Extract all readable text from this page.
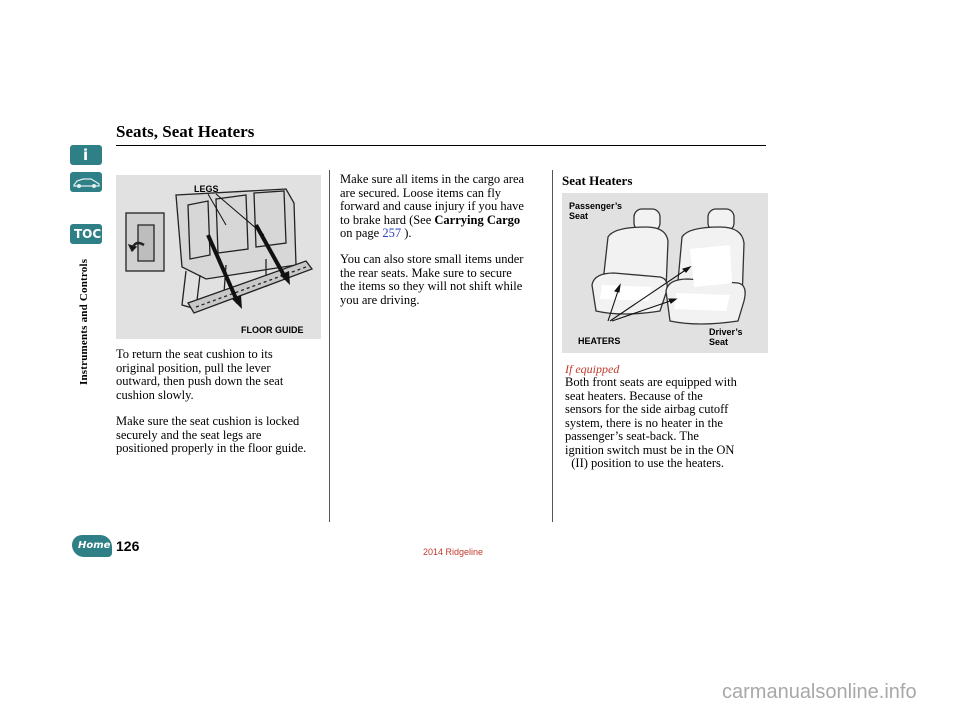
i
TOC
Instruments and Controls
Home
Seats, Seat Heaters
LEGS
FLOOR GUIDE
Passenger’s
Seat
HEATERS
Driver’s
Seat
To return the seat cushion to its
original position, pull the lever
outward, then push down the seat
cushion slowly.
Make sure the seat cushion is locked
securely and the seat legs are
positioned properly in the floor guide.
Make sure all items in the cargo area
are secured. Loose items can fly
forward and cause injury if you have
to brake hard (See Carrying Cargo
on page 257 ).
You can also store small items under
the rear seats. Make sure to secure
the items so they will not shift while
you are driving.
Seat Heaters
If equipped
Both front seats are equipped with
seat heaters. Because of the
sensors for the side airbag cutoff
system, there is no heater in the
passenger’s seat-back. The
ignition switch must be in the ON
(II) position to use the heaters.
126	2014 Ridgeline
carmanualsonline.info
